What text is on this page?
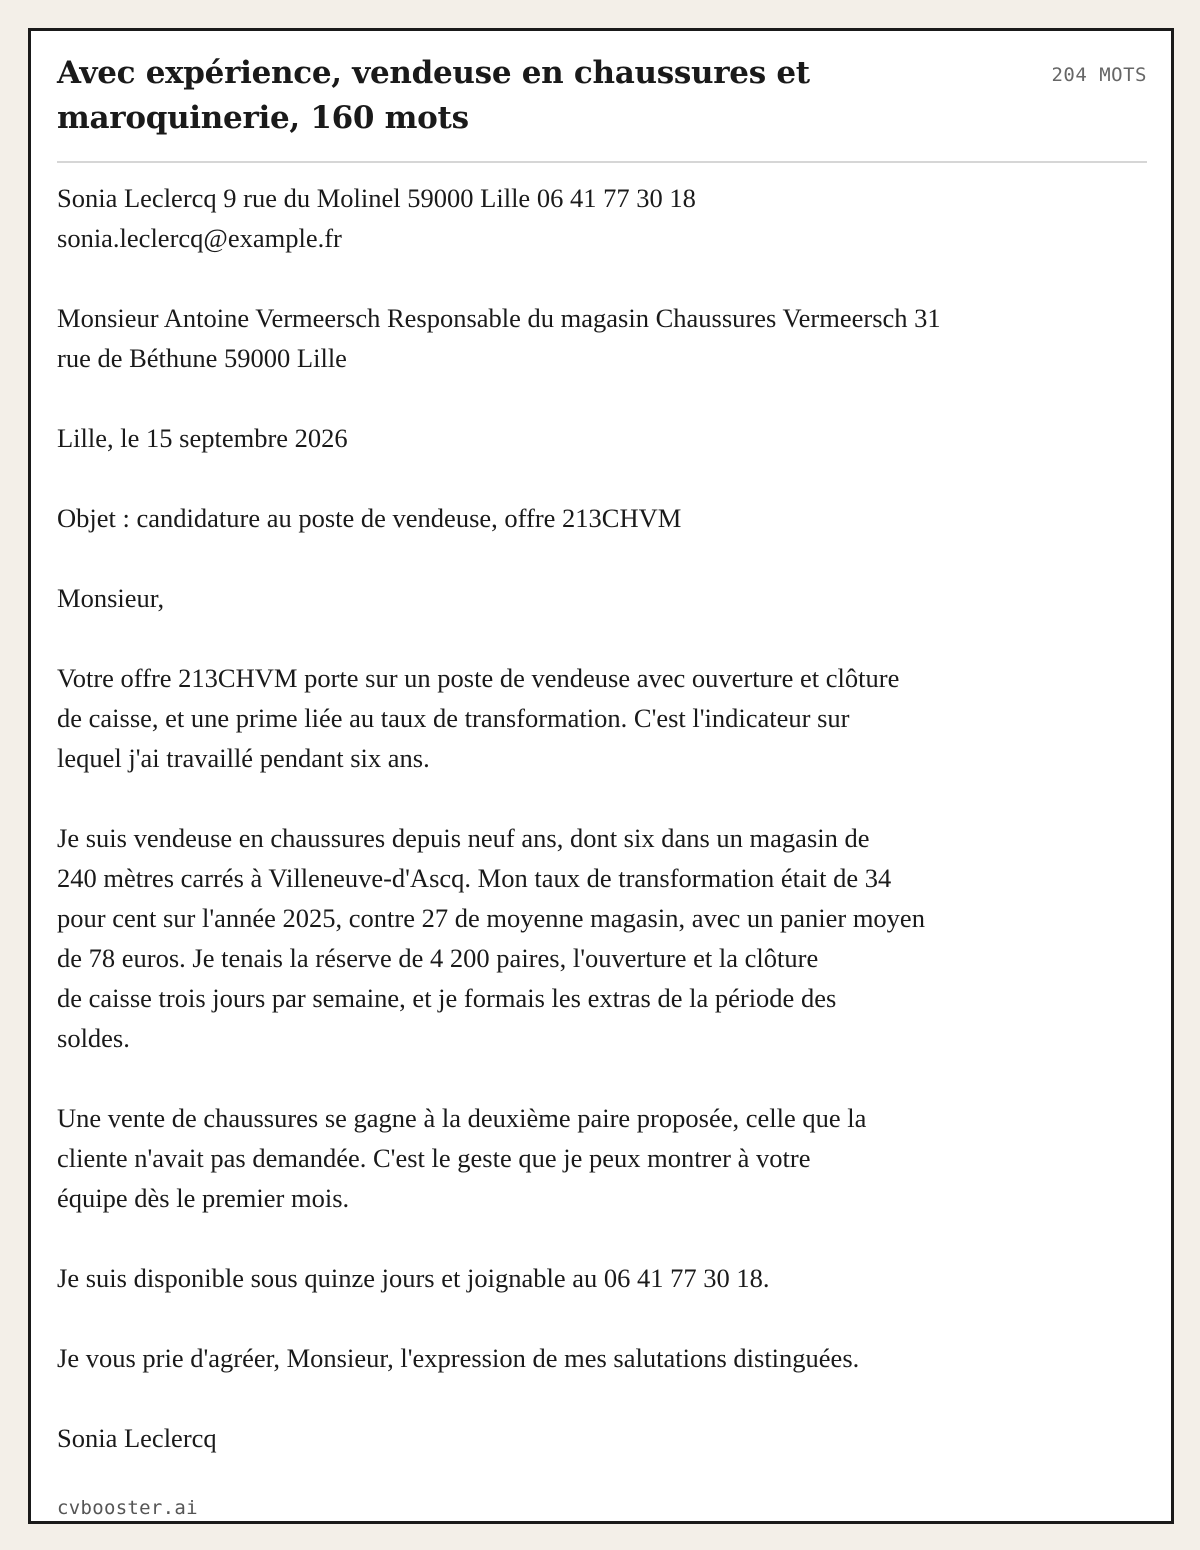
Avec expérience, vendeuse en chaussures et maroquinerie, 160 mots
204 MOTS

Sonia Leclercq 9 rue du Molinel 59000 Lille 06 41 77 30 18
sonia.leclercq@example.fr

Monsieur Antoine Vermeersch Responsable du magasin Chaussures Vermeersch 31
rue de Béthune 59000 Lille

Lille, le 15 septembre 2026

Objet : candidature au poste de vendeuse, offre 213CHVM

Monsieur,

Votre offre 213CHVM porte sur un poste de vendeuse avec ouverture et clôture
de caisse, et une prime liée au taux de transformation. C'est l'indicateur sur
lequel j'ai travaillé pendant six ans.

Je suis vendeuse en chaussures depuis neuf ans, dont six dans un magasin de
240 mètres carrés à Villeneuve-d'Ascq. Mon taux de transformation était de 34
pour cent sur l'année 2025, contre 27 de moyenne magasin, avec un panier moyen
de 78 euros. Je tenais la réserve de 4 200 paires, l'ouverture et la clôture
de caisse trois jours par semaine, et je formais les extras de la période des
soldes.

Une vente de chaussures se gagne à la deuxième paire proposée, celle que la
cliente n'avait pas demandée. C'est le geste que je peux montrer à votre
équipe dès le premier mois.

Je suis disponible sous quinze jours et joignable au 06 41 77 30 18.

Je vous prie d'agréer, Monsieur, l'expression de mes salutations distinguées.

Sonia Leclercq

cvbooster.ai
